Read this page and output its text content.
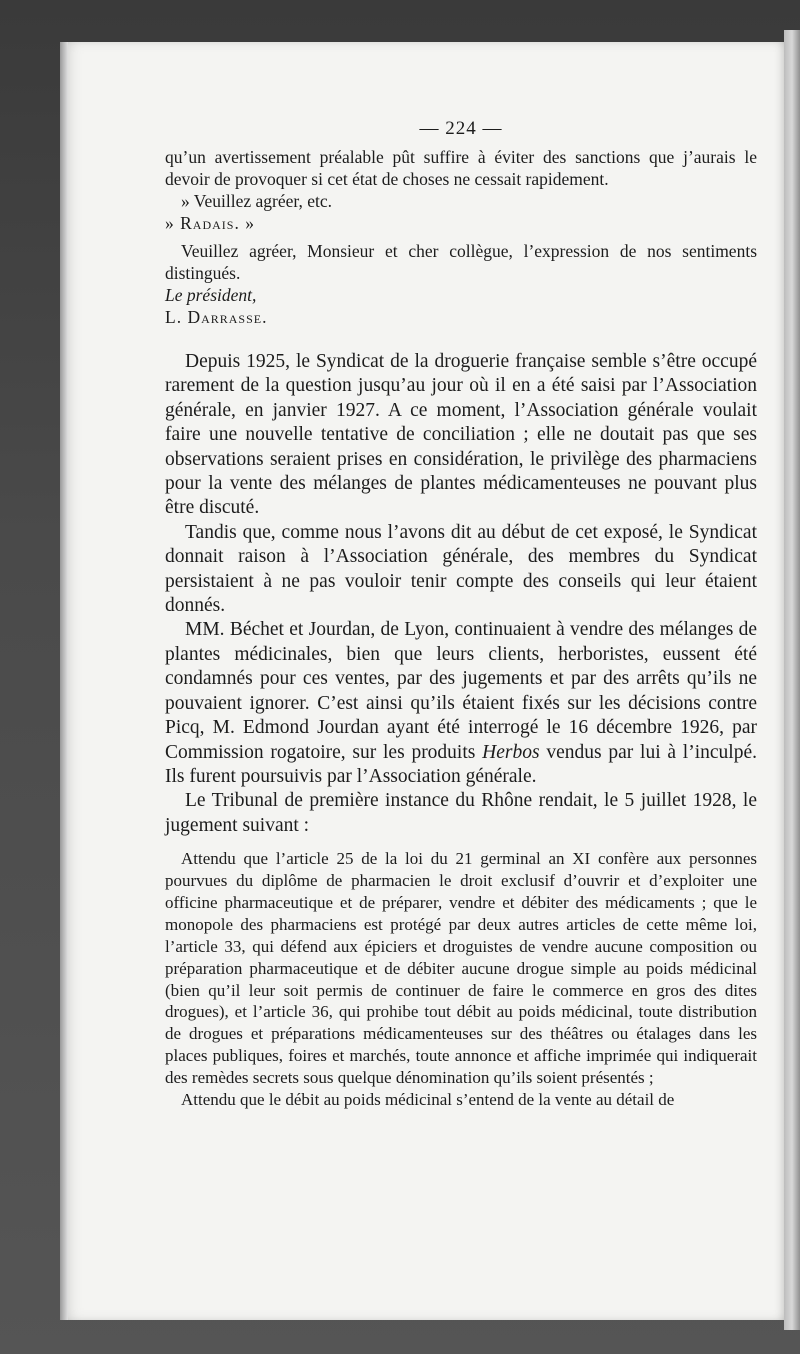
— 224 —

qu’un avertissement préalable pût suffire à éviter des sanctions que j’aurais le devoir de provoquer si cet état de choses ne cessait rapidement.

» Veuillez agréer, etc.

» Radais. »

Veuillez agréer, Monsieur et cher collègue, l’expression de nos sentiments distingués.

Le président,

L. Darrasse.

Depuis 1925, le Syndicat de la droguerie française semble s’être occupé rarement de la question jusqu’au jour où il en a été saisi par l’Association générale, en janvier 1927. A ce moment, l’Association générale voulait faire une nouvelle tentative de conciliation ; elle ne doutait pas que ses observations seraient prises en considération, le privilège des pharmaciens pour la vente des mélanges de plantes médicamenteuses ne pouvant plus être discuté.

Tandis que, comme nous l’avons dit au début de cet exposé, le Syndicat donnait raison à l’Association générale, des membres du Syndicat persistaient à ne pas vouloir tenir compte des conseils qui leur étaient donnés.

MM. Béchet et Jourdan, de Lyon, continuaient à vendre des mélanges de plantes médicinales, bien que leurs clients, herboristes, eussent été condamnés pour ces ventes, par des jugements et par des arrêts qu’ils ne pouvaient ignorer. C’est ainsi qu’ils étaient fixés sur les décisions contre Picq, M. Edmond Jourdan ayant été interrogé le 16 décembre 1926, par Commission rogatoire, sur les produits Herbos vendus par lui à l’inculpé. Ils furent poursuivis par l’Association générale.

Le Tribunal de première instance du Rhône rendait, le 5 juillet 1928, le jugement suivant :

Attendu que l’article 25 de la loi du 21 germinal an XI confère aux personnes pourvues du diplôme de pharmacien le droit exclusif d’ouvrir et d’exploiter une officine pharmaceutique et de préparer, vendre et débiter des médicaments ; que le monopole des pharmaciens est protégé par deux autres articles de cette même loi, l’article 33, qui défend aux épiciers et droguistes de vendre aucune composition ou préparation pharmaceutique et de débiter aucune drogue simple au poids médicinal (bien qu’il leur soit permis de continuer de faire le commerce en gros des dites drogues), et l’article 36, qui prohibe tout débit au poids médicinal, toute distribution de drogues et préparations médicamenteuses sur des théâtres ou étalages dans les places publiques, foires et marchés, toute annonce et affiche imprimée qui indiquerait des remèdes secrets sous quelque dénomination qu’ils soient présentés ;

Attendu que le débit au poids médicinal s’entend de la vente au détail de
